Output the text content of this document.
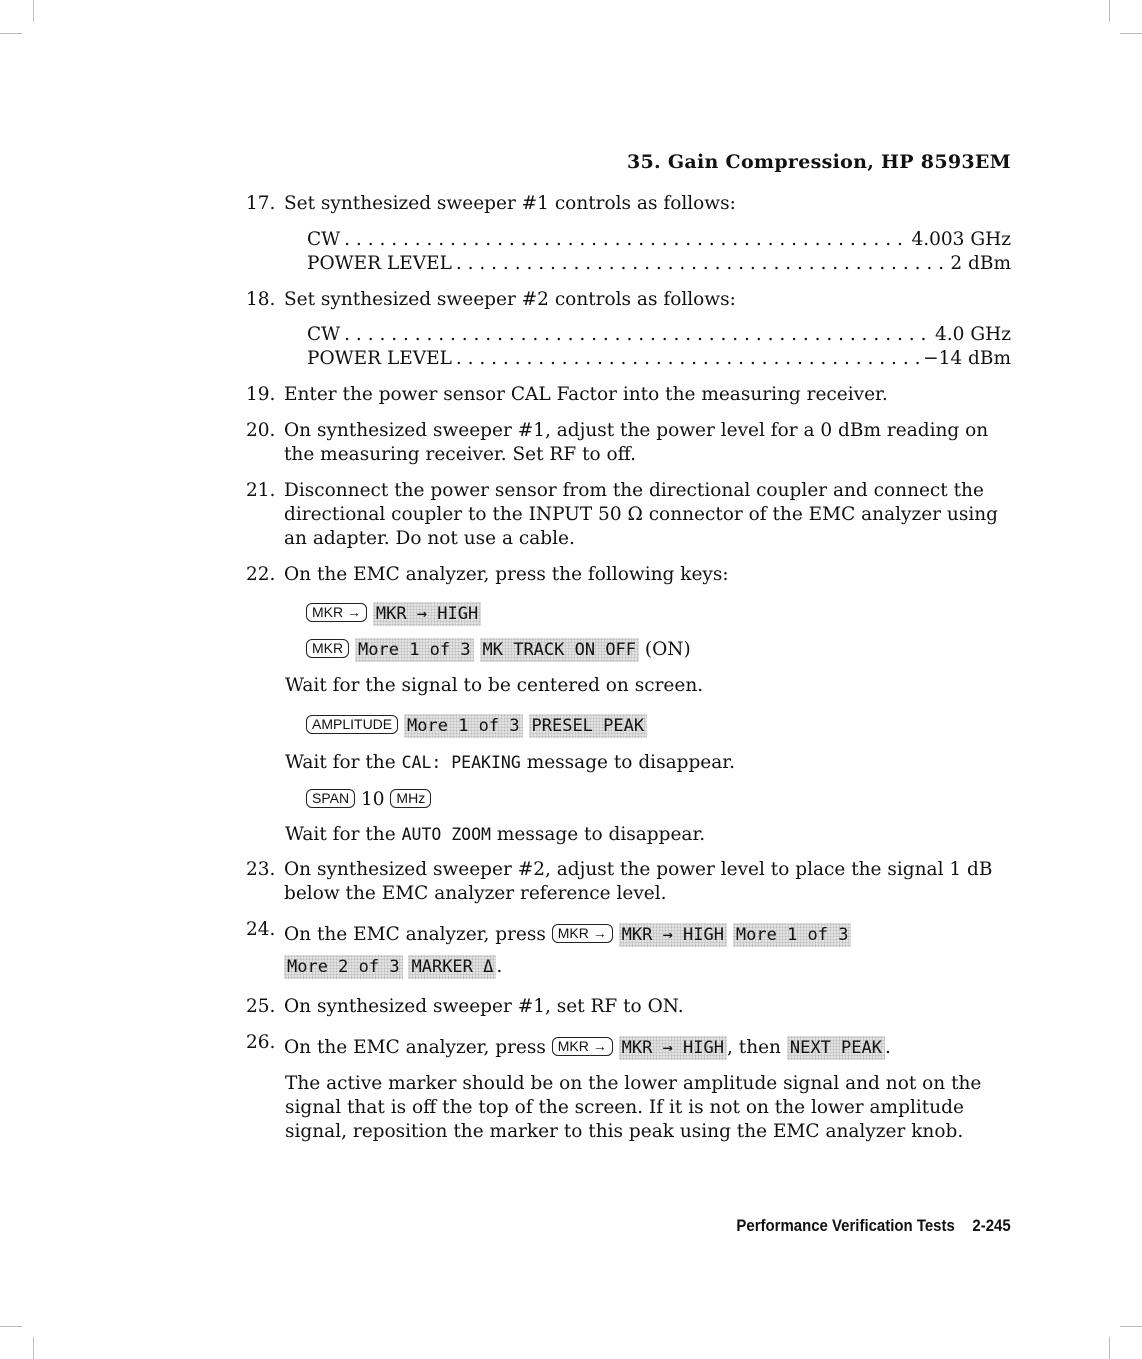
35. Gain Compression, HP 8593EM
17. Set synthesized sweeper #1 controls as follows:
CW . . .	4.003 GHz
POWER LEVEL . . .	2 dBm
18. Set synthesized sweeper #2 controls as follows:
CW . . .	4.0 GHz
POWER LEVEL . . .	−14 dBm
19. Enter the power sensor CAL Factor into the measuring receiver.
20. On synthesized sweeper #1, adjust the power level for a 0 dBm reading on
the measuring receiver. Set RF to off.
21. Disconnect the power sensor from the directional coupler and connect the
directional coupler to the INPUT 50 Ω connector of the EMC analyzer using
an adapter. Do not use a cable.
22. On the EMC analyzer, press the following keys:
MKR → MKR → HIGH
MKR More 1 of 3 MK TRACK ON OFF (ON)
Wait for the signal to be centered on screen.
AMPLITUDE More 1 of 3 PRESEL PEAK
Wait for the CAL: PEAKING message to disappear.
SPAN 10 MHz
Wait for the AUTO ZOOM message to disappear.
23. On synthesized sweeper #2, adjust the power level to place the signal 1 dB
below the EMC analyzer reference level.
24. On the EMC analyzer, press MKR → MKR → HIGH More 1 of 3
More 2 of 3 MARKER Δ .
25. On synthesized sweeper #1, set RF to ON.
26. On the EMC analyzer, press MKR → MKR → HIGH , then NEXT PEAK .
The active marker should be on the lower amplitude signal and not on the
signal that is off the top of the screen. If it is not on the lower amplitude
signal, reposition the marker to this peak using the EMC analyzer knob.
Performance Verification Tests 2-245
